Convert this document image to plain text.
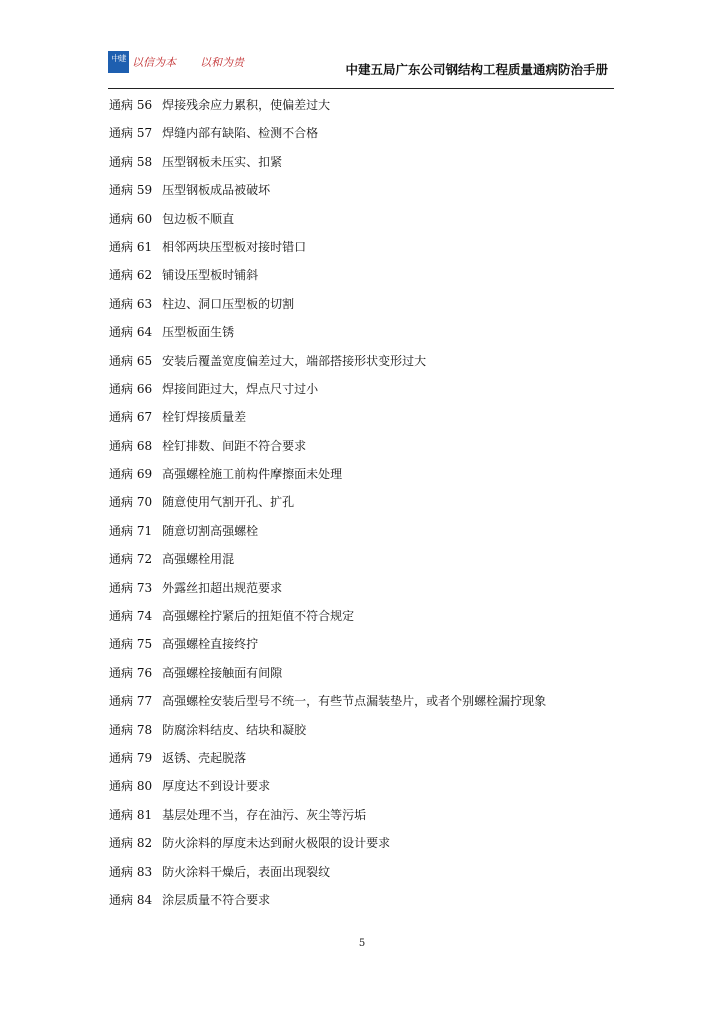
中建 以信为本 以和为贵	中建五局广东公司钢结构工程质量通病防治手册
通病 56 焊接残余应力累积，使偏差过大
通病 57 焊缝内部有缺陷、检测不合格
通病 58 压型钢板未压实、扣紧
通病 59 压型钢板成品被破坏
通病 60 包边板不顺直
通病 61 相邻两块压型板对接时错口
通病 62 铺设压型板时铺斜
通病 63 柱边、洞口压型板的切割
通病 64 压型板面生锈
通病 65 安装后覆盖宽度偏差过大，端部搭接形状变形过大
通病 66 焊接间距过大，焊点尺寸过小
通病 67 栓钉焊接质量差
通病 68 栓钉排数、间距不符合要求
通病 69 高强螺栓施工前构件摩擦面未处理
通病 70 随意使用气割开孔、扩孔
通病 71 随意切割高强螺栓
通病 72 高强螺栓用混
通病 73 外露丝扣超出规范要求
通病 74 高强螺栓拧紧后的扭矩值不符合规定
通病 75 高强螺栓直接终拧
通病 76 高强螺栓接触面有间隙
通病 77 高强螺栓安装后型号不统一，有些节点漏装垫片，或者个别螺栓漏拧现象
通病 78 防腐涂料结皮、结块和凝胶
通病 79 返锈、壳起脱落
通病 80 厚度达不到设计要求
通病 81 基层处理不当，存在油污、灰尘等污垢
通病 82 防火涂料的厚度未达到耐火极限的设计要求
通病 83 防火涂料干燥后，表面出现裂纹
通病 84 涂层质量不符合要求
5
